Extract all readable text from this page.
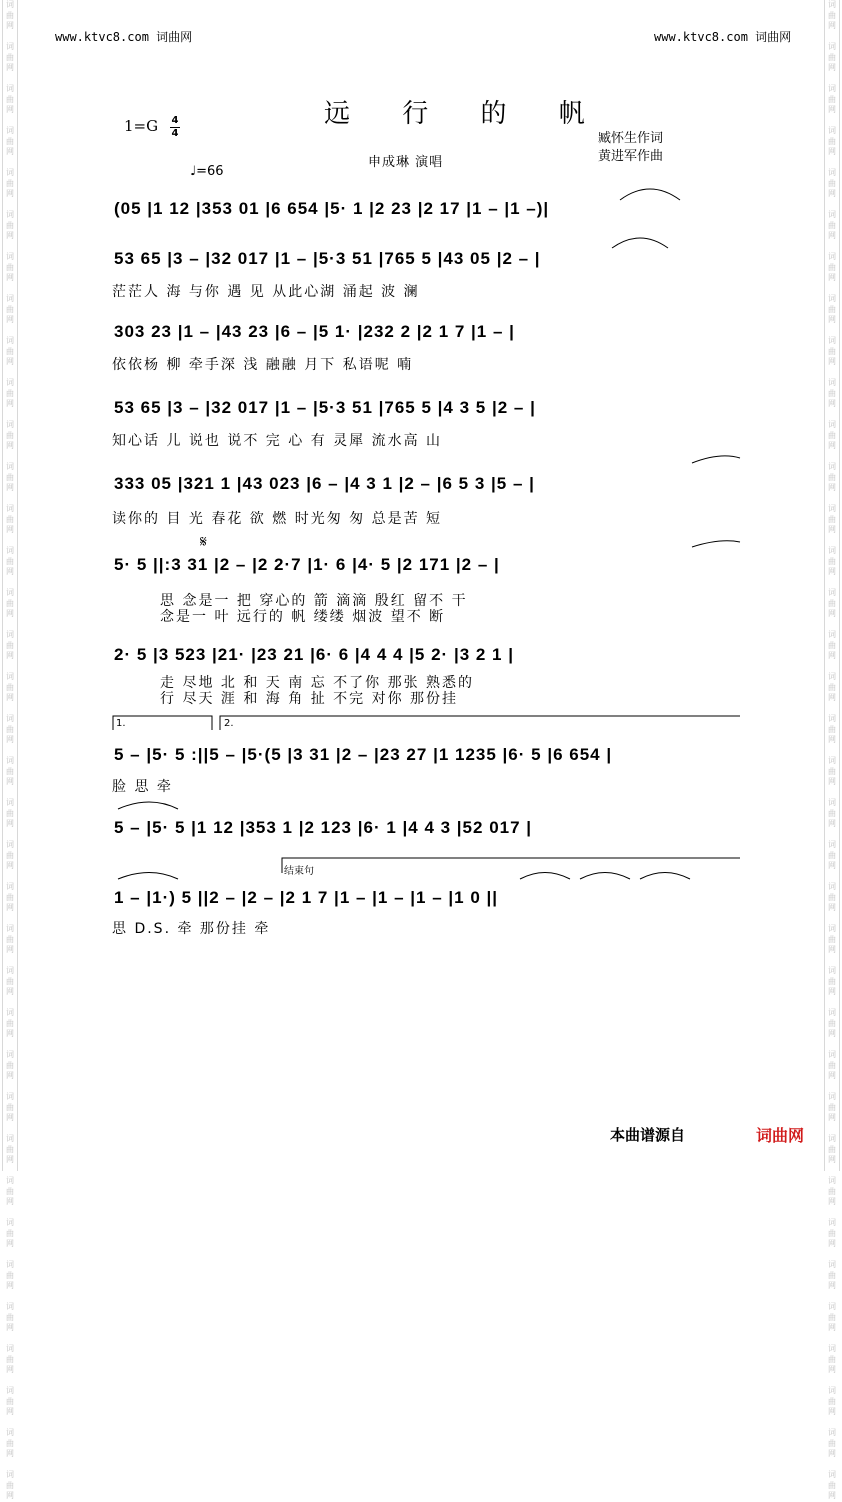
词
曲
网

词
曲
网

词
曲
网

词
曲
网

词
曲
网

词
曲
网

词
曲
网

词
曲
网

词
曲
网

词
曲
网

词
曲
网

词
曲
网

词
曲
网

词
曲
网

词
曲
网

词
曲
网

词
曲
网

词
曲
网

词
曲
网

词
曲
网

词
曲
网

词
曲
网

词
曲
网

词
曲
网

词
曲
网

词
曲
网

词
曲
网

词
曲
网

词
曲
网

词
曲
网

词
曲
网

词
曲
网

词
曲
网

词
曲
网

词
曲
网

词
曲
网

词
曲
网

词
曲
网

词
曲
网

词
曲
网

词
曲
网

词
曲
网

词
曲
网

词
曲
网

词
曲
网

词
曲
网

词
曲
网

词
曲
网

词
曲
网

词
曲
网

词
曲
网

词
曲
网

词
曲
网

词
曲
网

词
曲
网

词
曲
网

词
曲
网

词
曲
网

词
曲
网

词
曲
网

词
曲
网

词
曲
网

词
曲
网

词
曲
网

词
曲
网

词
曲
网

词
曲
网

词
曲
网

词
曲
网

词
曲
网

词
曲
网

词
曲
网

www.ktvc8.com 词曲网	www.ktvc8.com 词曲网
远 行 的 帆
1=G 4
4
♩=66
申成琳 演唱
臧怀生作词
黄进军作曲
(05 |1 12 |353 01 |6 654 |5· 1 |2 23 |2 17 |1 – |1 –)|
53 65 |3 – |32 017 |1 – |5·3 51 |765 5 |43 05 |2 – |
茫茫人 海 与你 遇 见 从此心湖 涌起 波 澜
303 23 |1 – |43 23 |6 – |5 1· |232 2 |2 1 7 |1 – |
依依杨 柳 牵手深 浅 融融 月下 私语呢 喃
53 65 |3 – |32 017 |1 – |5·3 51 |765 5 |4 3 5 |2 – |
知心话 儿 说也 说不 完 心 有 灵犀 流水高 山
333 05 |321 1 |43 023 |6 – |4 3 1 |2 – |6 5 3 |5 – |
读你的 目 光 春花 欲 燃 时光匆 匆 总是苦 短
5· 5 ||:3 31 |2 – |2 2·7 |1· 6 |4· 5 |2 171 |2 – |
思 念是一 把 穿心的 箭 滴滴 殷红 留不 干
念是一 叶 远行的 帆 缕缕 烟波 望不 断
2· 5 |3 523 |21· |23 21 |6· 6 |4 4 4 |5 2· |3 2 1 |
走 尽地 北 和 天 南 忘 不了你 那张 熟悉的
行 尽天 涯 和 海 角 扯 不完 对你 那份挂
5 – |5· 5 :||5 – |5·(5 |3 31 |2 – |23 27 |1 1235 |6· 5 |6 654 |
脸 思 牵
5 – |5· 5 |1 12 |353 1 |2 123 |6· 1 |4 4 3 |52 017 |
1 – |1·) 5 ||2 – |2 – |2 1 7 |1 – |1 – |1 – |1 0 ||
思 D.S. 牵 那份挂 牵
1.	2.
结束句
𝄋
本曲谱源自	词曲网
